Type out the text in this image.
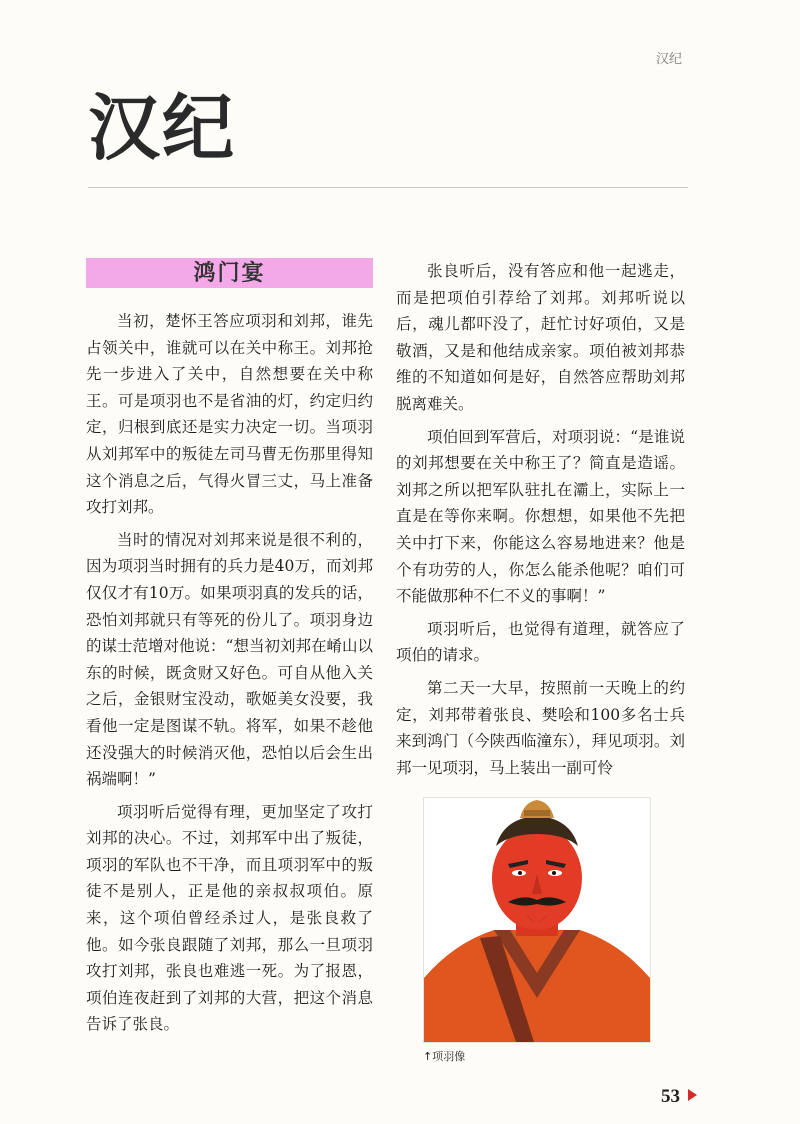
汉纪
汉纪
鸿门宴

当初，楚怀王答应项羽和刘邦，谁先占领关中，谁就可以在关中称王。刘邦抢先一步进入了关中，自然想要在关中称王。可是项羽也不是省油的灯，约定归约定，归根到底还是实力决定一切。当项羽从刘邦军中的叛徒左司马曹无伤那里得知这个消息之后，气得火冒三丈，马上准备攻打刘邦。

当时的情况对刘邦来说是很不利的，因为项羽当时拥有的兵力是40万，而刘邦仅仅才有10万。如果项羽真的发兵的话，恐怕刘邦就只有等死的份儿了。项羽身边的谋士范增对他说：“想当初刘邦在崤山以东的时候，既贪财又好色。可自从他入关之后，金银财宝没动，歌姬美女没要，我看他一定是图谋不轨。将军，如果不趁他还没强大的时候消灭他，恐怕以后会生出祸端啊！”

项羽听后觉得有理，更加坚定了攻打刘邦的决心。不过，刘邦军中出了叛徒，项羽的军队也不干净，而且项羽军中的叛徒不是别人，正是他的亲叔叔项伯。原来，这个项伯曾经杀过人，是张良救了他。如今张良跟随了刘邦，那么一旦项羽攻打刘邦，张良也难逃一死。为了报恩，项伯连夜赶到了刘邦的大营，把这个消息告诉了张良。

张良听后，没有答应和他一起逃走，而是把项伯引荐给了刘邦。刘邦听说以后，魂儿都吓没了，赶忙讨好项伯，又是敬酒，又是和他结成亲家。项伯被刘邦恭维的不知道如何是好，自然答应帮助刘邦脱离难关。

项伯回到军营后，对项羽说：“是谁说的刘邦想要在关中称王了？简直是造谣。刘邦之所以把军队驻扎在灞上，实际上一直是在等你来啊。你想想，如果他不先把关中打下来，你能这么容易地进来？他是个有功劳的人，你怎么能杀他呢？咱们可不能做那种不仁不义的事啊！”

项羽听后，也觉得有道理，就答应了项伯的请求。

第二天一大早，按照前一天晚上的约定，刘邦带着张良、樊哙和100多名士兵来到鸿门（今陕西临潼东），拜见项羽。刘邦一见项羽，马上装出一副可怜

↑项羽像
53
